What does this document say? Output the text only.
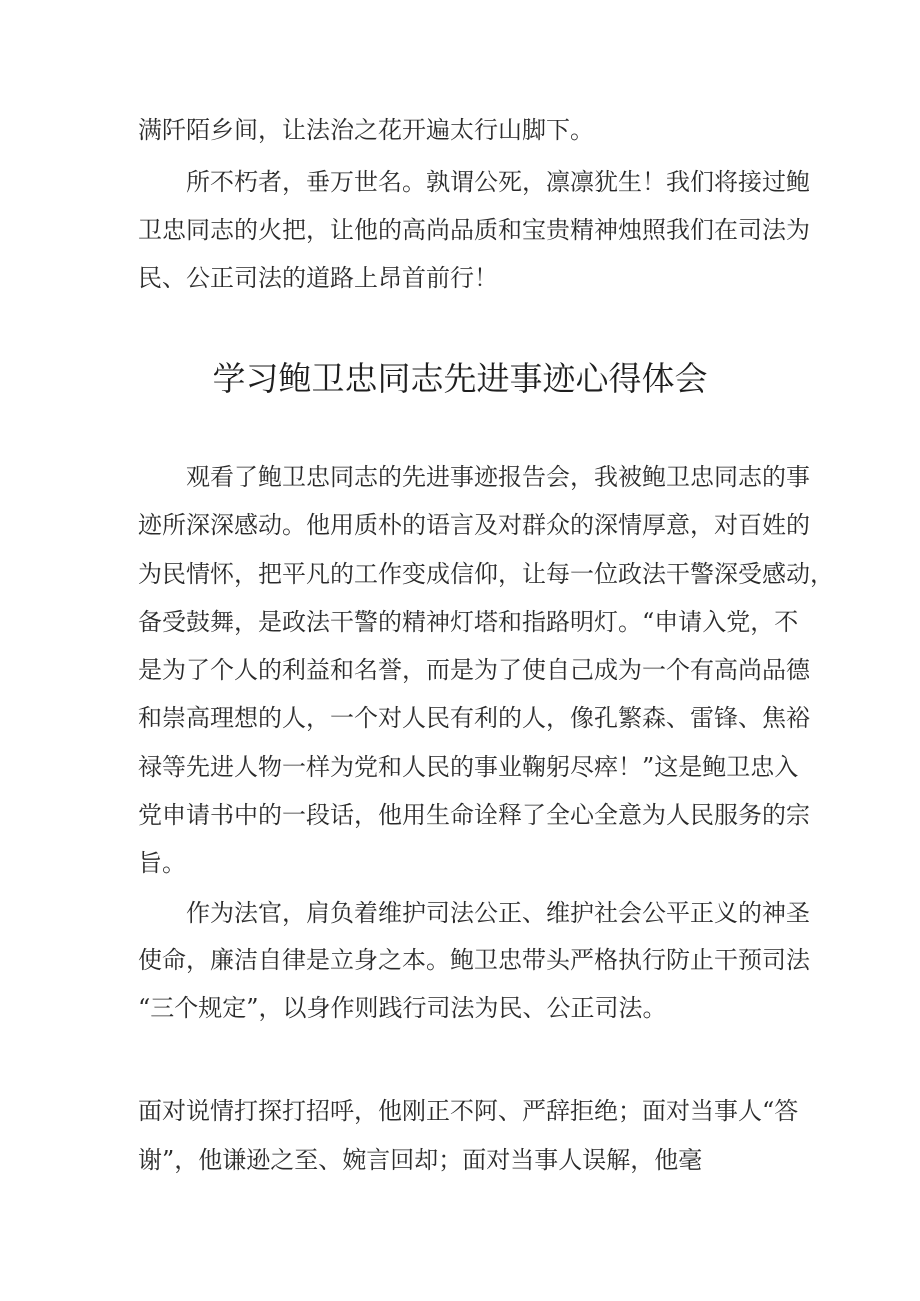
满阡陌乡间，让法治之花开遍太行山脚下。
　　所不朽者，垂万世名。孰谓公死，凛凛犹生！我们将接过鲍
卫忠同志的火把，让他的高尚品质和宝贵精神烛照我们在司法为
民、公正司法的道路上昂首前行！
学习鲍卫忠同志先进事迹心得体会
　　观看了鲍卫忠同志的先进事迹报告会，我被鲍卫忠同志的事
迹所深深感动。他用质朴的语言及对群众的深情厚意，对百姓的
为民情怀，把平凡的工作变成信仰，让每一位政法干警深受感动，
备受鼓舞，是政法干警的精神灯塔和指路明灯。“申请入党，不
是为了个人的利益和名誉，而是为了使自己成为一个有高尚品德
和崇高理想的人，一个对人民有利的人，像孔繁森、雷锋、焦裕
禄等先进人物一样为党和人民的事业鞠躬尽瘁！”这是鲍卫忠入
党申请书中的一段话，他用生命诠释了全心全意为人民服务的宗
旨。
　　作为法官，肩负着维护司法公正、维护社会公平正义的神圣
使命，廉洁自律是立身之本。鲍卫忠带头严格执行防止干预司法
“三个规定”，以身作则践行司法为民、公正司法。
面对说情打探打招呼，他刚正不阿、严辞拒绝；面对当事人“答
谢”，他谦逊之至、婉言回却；面对当事人误解，他毫
